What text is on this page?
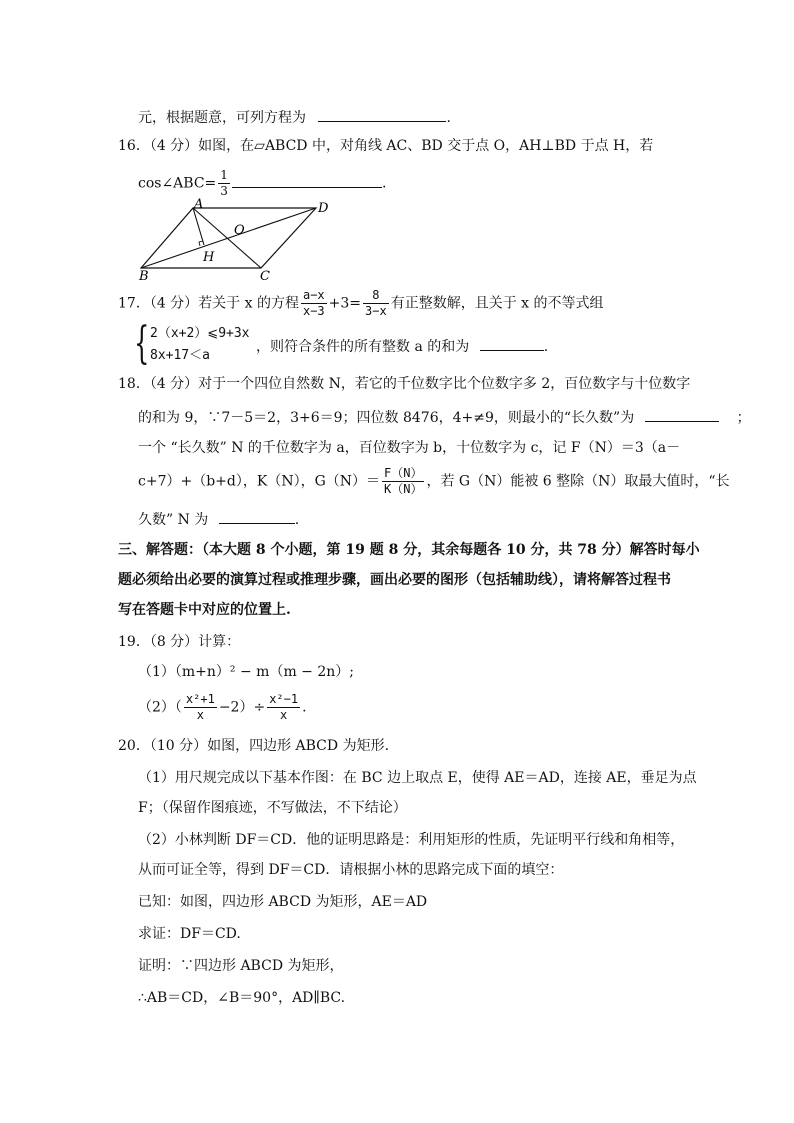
元，根据题意，可列方程为	.
16．（4 分）如图，在▱ABCD 中，对角线 AC、BD 交于点 O，AH⊥BD 于点 H，若
cos∠ABC= $\frac{1}{3}$	.
A	D
O
H
B	C
17．（4 分）若关于 x 的方程 $\frac{a-x}{x-3} +3= \frac{8}{3-x}$ 有正整数解，且关于 x 的不等式组
{ 2（x+2）⩽9+3x
8x+17＜a
，则符合条件的所有整数 a 的和为	.
18．（4 分）对于一个四位自然数 N，若它的千位数字比个位数字多 2，百位数字与十位数字
的和为 9，∵7－5＝2，3+6＝9；四位数 8476，4+≠9，则最小的“长久数”为	；
一个 “长久数” N 的千位数字为 a，百位数字为 b，十位数字为 c，记 F（N）＝3（a－
c+7）+（b+d），K（N），$G(N)= \frac{F(N)}{K(N)}$ ，若 G（N）能被 6 整除（N）取最大值时，“长
久数” N 为	.
三、解答题：（本大题 8 个小题，第 19 题 8 分，其余每题各 10 分，共 78 分）解答时每小
题必须给出必要的演算过程或推理步骤，画出必要的图形（包括辅助线），请将解答过程书
写在答题卡中对应的位置上.
19．（8 分）计算：
（1）（m+n）² − m（m − 2n）;
$(2)( \frac{\text{x²+1}}{x} -2)\div \frac{\text{x²−1}}{x}$ .
20．（10 分）如图，四边形 ABCD 为矩形.
（1）用尺规完成以下基本作图：在 BC 边上取点 E，使得 AE＝AD，连接 AE，垂足为点
F；（保留作图痕迹，不写做法，不下结论）
（2）小林判断 DF＝CD．他的证明思路是：利用矩形的性质，先证明平行线和角相等，
从而可证全等，得到 DF＝CD．请根据小林的思路完成下面的填空：
已知：如图，四边形 ABCD 为矩形，AE＝AD
求证：DF＝CD.
证明：∵四边形 ABCD 为矩形，
∴AB＝CD，∠B＝90°，AD∥BC.
